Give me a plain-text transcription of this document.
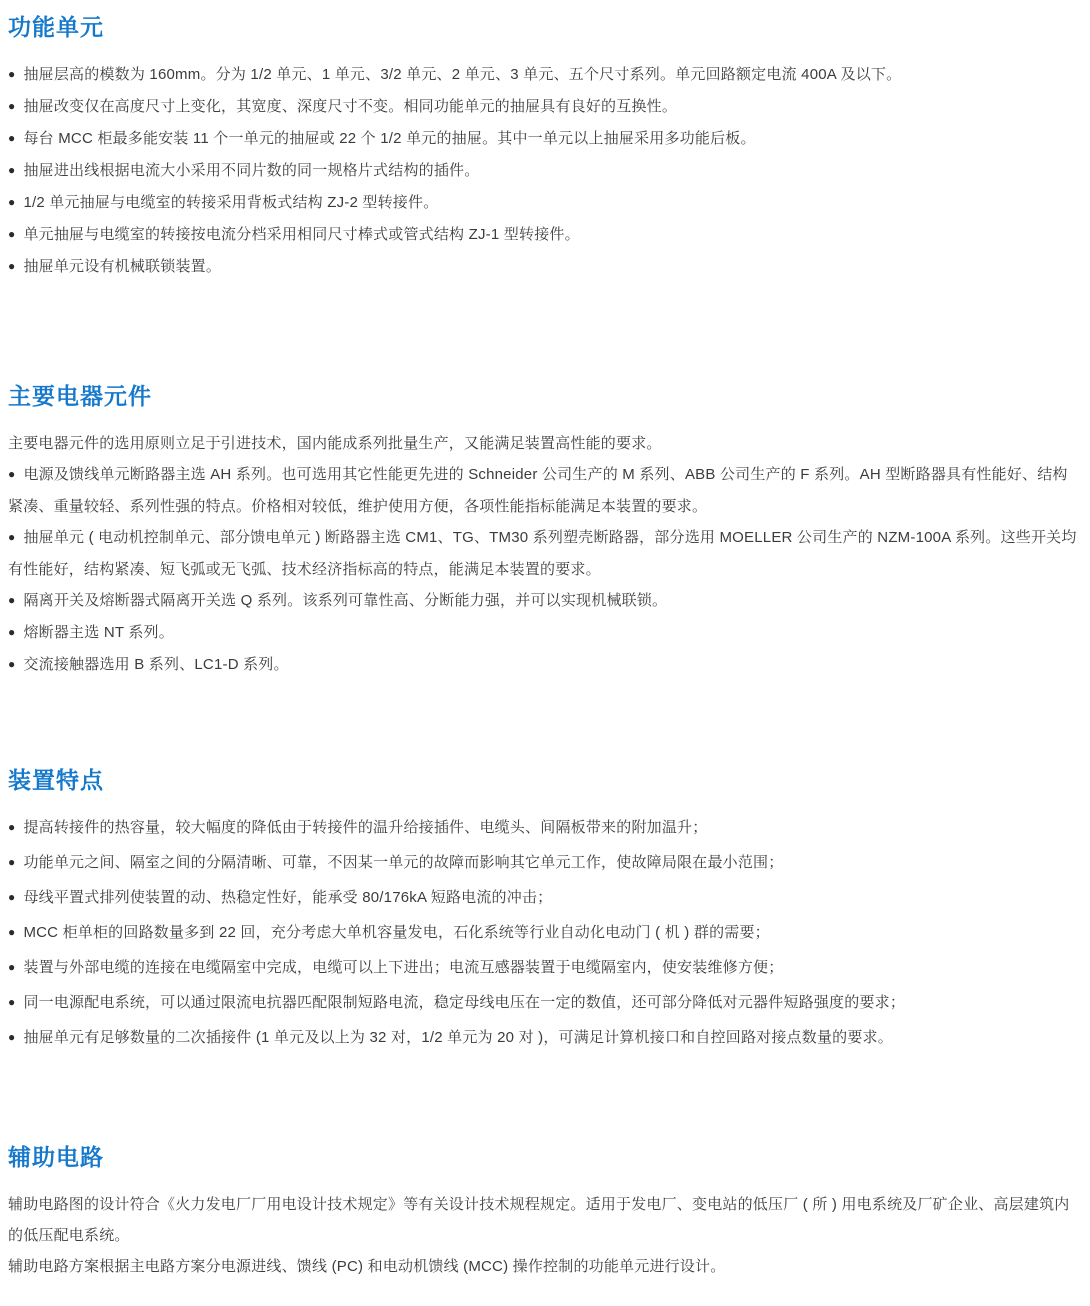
功能单元

● 抽屉层高的模数为 160mm。分为 1/2 单元、1 单元、3/2 单元、2 单元、3 单元、五个尺寸系列。单元回路额定电流 400A 及以下。

● 抽屉改变仅在高度尺寸上变化，其宽度、深度尺寸不变。相同功能单元的抽屉具有良好的互换性。

● 每台 MCC 柜最多能安装 11 个一单元的抽屉或 22 个 1/2 单元的抽屉。其中一单元以上抽屉采用多功能后板。

● 抽屉进出线根据电流大小采用不同片数的同一规格片式结构的插件。

● 1/2 单元抽屉与电缆室的转接采用背板式结构 ZJ-2 型转接件。

● 单元抽屉与电缆室的转接按电流分档采用相同尺寸棒式或管式结构 ZJ-1 型转接件。

● 抽屉单元设有机械联锁装置。

主要电器元件

主要电器元件的选用原则立足于引进技术，国内能成系列批量生产，又能满足装置高性能的要求。

● 电源及馈线单元断路器主选 AH 系列。也可选用其它性能更先进的 Schneider 公司生产的 M 系列、ABB 公司生产的 F 系列。AH 型断路器具有性能好、结构紧凑、重量较轻、系列性强的特点。价格相对较低，维护使用方便，各项性能指标能满足本装置的要求。

● 抽屉单元 ( 电动机控制单元、部分馈电单元 ) 断路器主选 CM1、TG、TM30 系列塑壳断路器，部分选用 MOELLER 公司生产的 NZM-100A 系列。这些开关均有性能好，结构紧凑、短飞弧或无飞弧、技术经济指标高的特点，能满足本装置的要求。

● 隔离开关及熔断器式隔离开关选 Q 系列。该系列可靠性高、分断能力强，并可以实现机械联锁。

● 熔断器主选 NT 系列。

● 交流接触器选用 B 系列、LC1-D 系列。

装置特点

● 提高转接件的热容量，较大幅度的降低由于转接件的温升给接插件、电缆头、间隔板带来的附加温升；

● 功能单元之间、隔室之间的分隔清晰、可靠，不因某一单元的故障而影响其它单元工作，使故障局限在最小范围；

● 母线平置式排列使装置的动、热稳定性好，能承受 80/176kA 短路电流的冲击；

● MCC 柜单柜的回路数量多到 22 回，充分考虑大单机容量发电，石化系统等行业自动化电动门 ( 机 ) 群的需要；

● 装置与外部电缆的连接在电缆隔室中完成，电缆可以上下进出；电流互感器装置于电缆隔室内，使安装维修方便；

● 同一电源配电系统，可以通过限流电抗器匹配限制短路电流，稳定母线电压在一定的数值，还可部分降低对元器件短路强度的要求；

● 抽屉单元有足够数量的二次插接件 (1 单元及以上为 32 对，1/2 单元为 20 对 )，可满足计算机接口和自控回路对接点数量的要求。

辅助电路

辅助电路图的设计符合《火力发电厂厂用电设计技术规定》等有关设计技术规程规定。适用于发电厂、变电站的低压厂 ( 所 ) 用电系统及厂矿企业、高层建筑内的低压配电系统。

辅助电路方案根据主电路方案分电源进线、馈线 (PC) 和电动机馈线 (MCC) 操作控制的功能单元进行设计。
